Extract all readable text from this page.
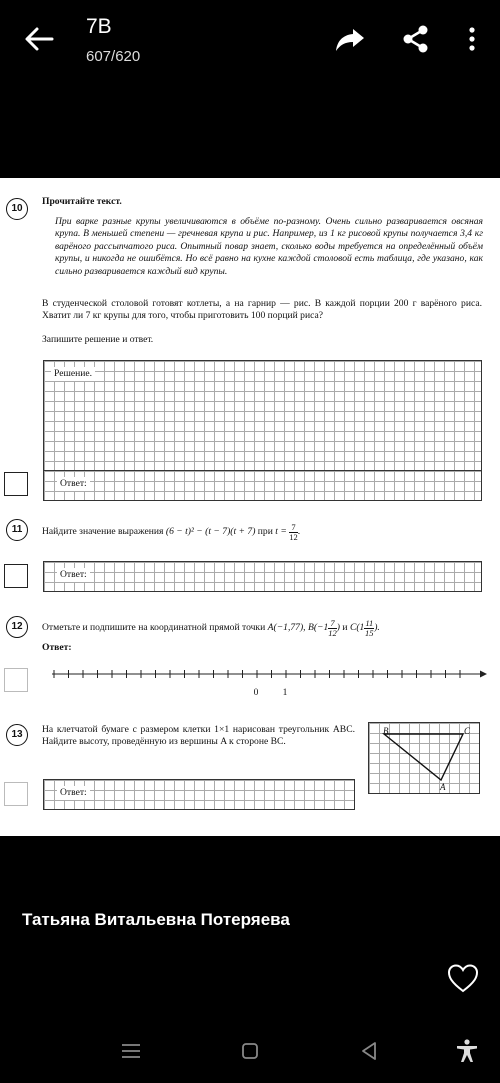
7В
607/620
10
Прочитайте текст.
При варке разные крупы увеличиваются в объёме по-разному. Очень сильно разваривается овсяная крупа. В меньшей степени — гречневая крупа и рис. Например, из 1 кг рисовой крупы получается 3,4 кг варёного рассыпчатого риса. Опытный повар знает, сколько воды требуется на определённый объём крупы, и никогда не ошибётся. Но всё равно на кухне каждой столовой есть таблица, где указано, как сильно разваривается каждый вид крупы.
В студенческой столовой готовят котлеты, а на гарнир — рис. В каждой порции 200 г варёного риса. Хватит ли 7 кг крупы для того, чтобы приготовить 100 порций риса?
Запишите решение и ответ.
Решение.
Ответ:
11	Найдите значение выражения (6 − t)² − (t − 7)(t + 7) при $t = \frac{7}{12}$ .
Ответ:
12	Отметьте и подпишите на координатной прямой точки A(−1,77), $B(-1 \frac{7}{12}$ ) и $C(1 \frac{11}{15}$ ).
Ответ:
0	1
13	На клетчатой бумаге с размером клетки 1×1 нарисован треугольник ABC. Найдите высоту, проведённую из вершины A к стороне BC.
B	C
A
Ответ:
Татьяна Витальевна Потеряева
